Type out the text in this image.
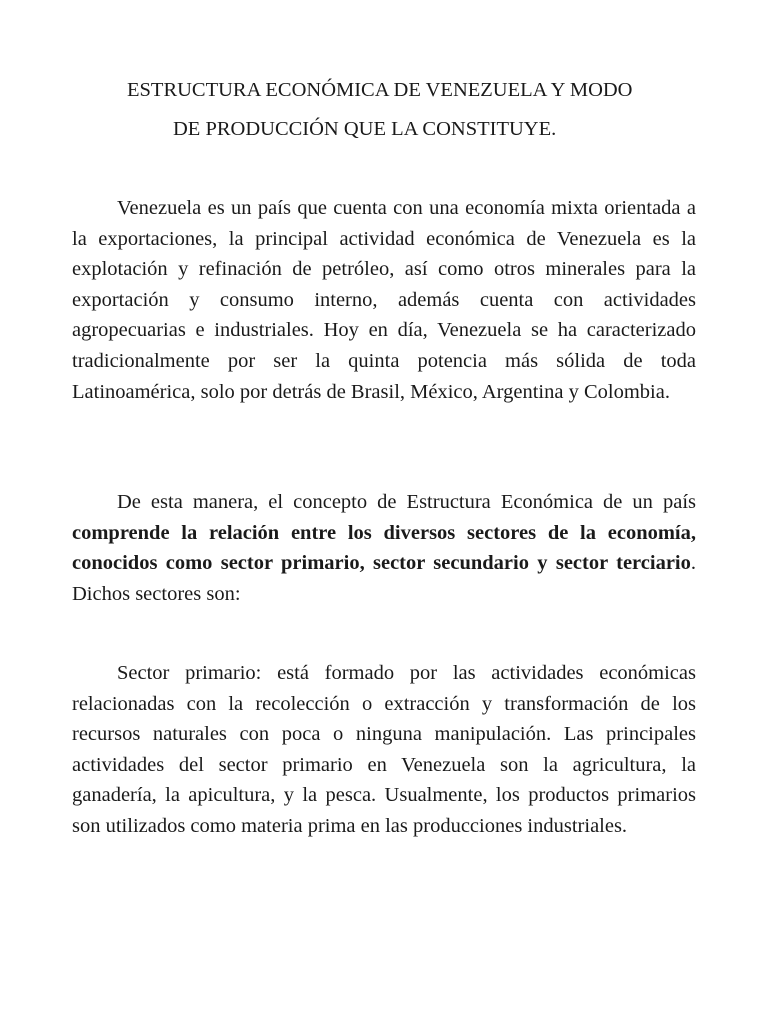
ESTRUCTURA ECONÓMICA DE VENEZUELA Y MODO
DE PRODUCCIÓN QUE LA CONSTITUYE.

Venezuela es un país que cuenta con una economía mixta orientada a la exportaciones, la principal actividad económica de Venezuela es la explotación y refinación de petróleo, así como otros minerales para la exportación y consumo interno, además cuenta con actividades agropecuarias e industriales. Hoy en día, Venezuela se ha caracterizado tradicionalmente por ser la quinta potencia más sólida de toda Latinoamérica, solo por detrás de Brasil, México, Argentina y Colombia.

De esta manera, el concepto de Estructura Económica de un país comprende la relación entre los diversos sectores de la economía, conocidos como sector primario, sector secundario y sector terciario. Dichos sectores son:

Sector primario: está formado por las actividades económicas relacionadas con la recolección o extracción y transformación de los recursos naturales con poca o ninguna manipulación. Las principales actividades del sector primario en Venezuela son la agricultura, la ganadería, la apicultura, y la pesca. Usualmente, los productos primarios son utilizados como materia prima en las producciones industriales.
